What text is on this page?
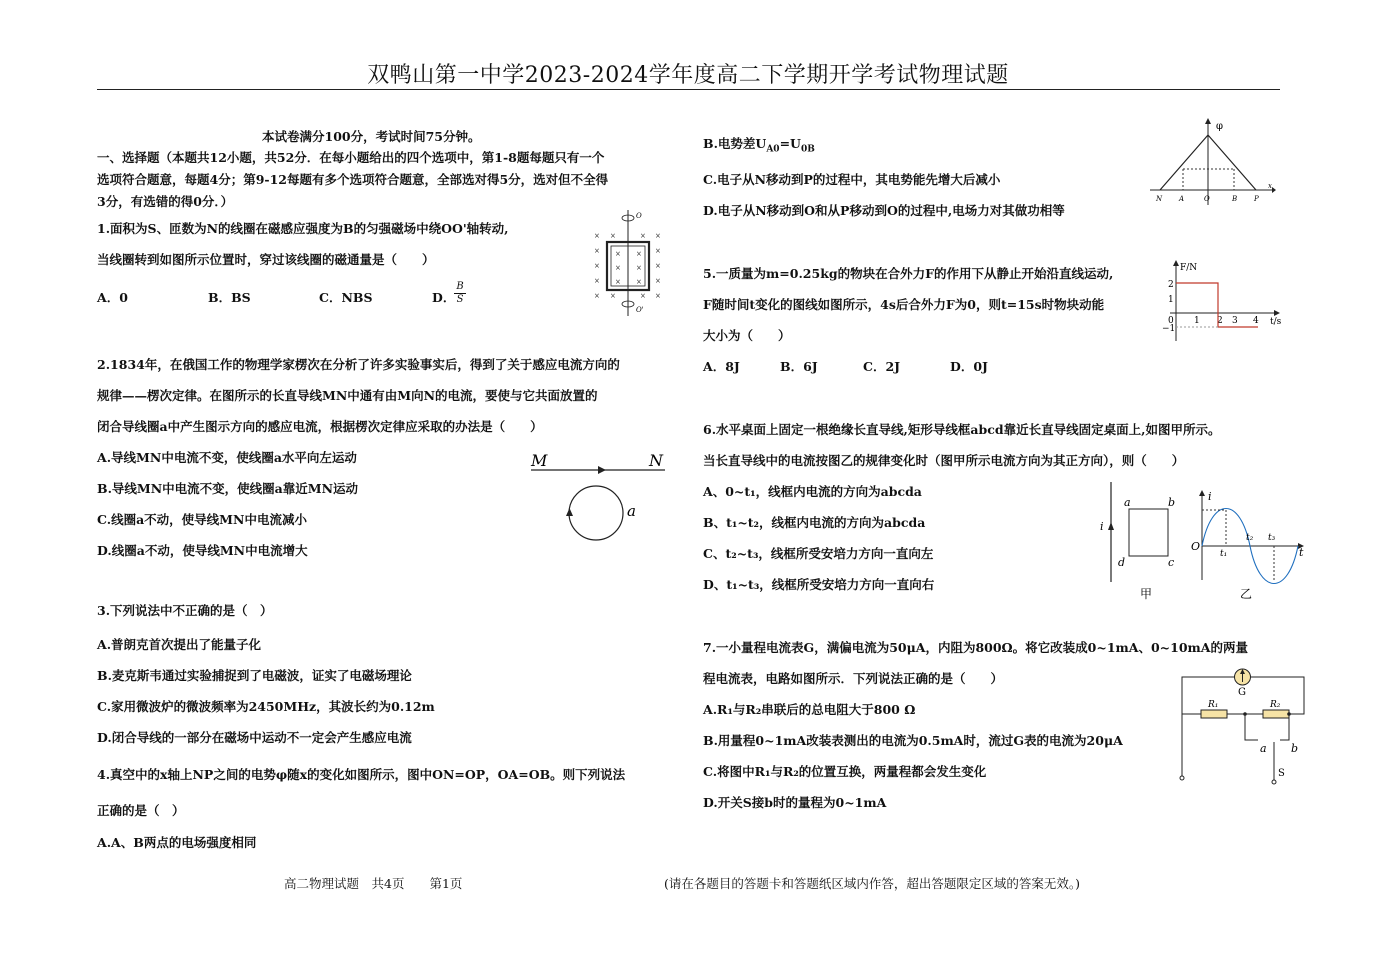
双鸭山第一中学2023-2024学年度高二下学期开学考试物理试题
本试卷满分100分，考试时间75分钟。
一、选择题（本题共12小题，共52分．在每小题给出的四个选项中，第1-8题每题只有一个
选项符合题意，每题4分；第9-12每题有多个选项符合题意，全部选对得5分，选对但不全得
3分，有选错的得0分．）
1.面积为S、匝数为N的线圈在磁感应强度为B的匀强磁场中绕OO'轴转动,
当线圈转到如图所示位置时，穿过该线圈的磁通量是（　　）
A．0	B．BS	C．NBS	D．
$\frac{B}{S}$
O
O'
× ×	× ×
× × × ×
× × × ×
× × × ×
× ×	× ×
2.1834年，在俄国工作的物理学家楞次在分析了许多实验事实后，得到了关于感应电流方向的
规律——楞次定律。在图所示的长直导线MN中通有由M向N的电流，要使与它共面放置的
闭合导线圈a中产生图示方向的感应电流，根据楞次定律应采取的办法是（　　）
A.导线MN中电流不变，使线圈a水平向左运动
B.导线MN中电流不变，使线圈a靠近MN运动
C.线圈a不动，使导线MN中电流减小
D.线圈a不动，使导线MN中电流增大
M	N
a
3.下列说法中不正确的是（　）
A.普朗克首次提出了能量子化
B.麦克斯韦通过实验捕捉到了电磁波，证实了电磁场理论
C.家用微波炉的微波频率为2450MHz，其波长约为0.12m
D.闭合导线的一部分在磁场中运动不一定会产生感应电流
4.真空中的x轴上NP之间的电势φ随x的变化如图所示，图中ON=OP，OA=OB。则下列说法
正确的是（　）
A.A、B两点的电场强度相同
B.电势差$U_{A0}=U_{0B}$
C.电子从N移动到P的过程中，其电势能先增大后减小
D.电子从N移动到O和从P移动到O的过程中,电场力对其做功相等
φ
x
N A	O	B P
5.一质量为m=0.25kg的物块在合外力F的作用下从静止开始沿直线运动,
F随时间t变化的图线如图所示，4s后合外力F为0，则t=15s时物块动能
大小为（　　）
A．8J	B．6J	C．2J	D．0J
F/N
t/s
2
1
0
−1
1 2 3 4
6.水平桌面上固定一根绝缘长直导线,矩形导线框abcd靠近长直导线固定桌面上,如图甲所示。
当长直导线中的电流按图乙的规律变化时（图甲所示电流方向为其正方向），则（　　）
A、0~t₁，线框内电流的方向为abcda
B、t₁~t₂，线框内电流的方向为abcda
C、t₂~t₃，线框所受安培力方向一直向左
D、t₁~t₃，线框所受安培力方向一直向右
i
a	b
c
d
甲
i
t
O
t₁
t₂ t₃
乙
7.一小量程电流表G，满偏电流为50μA，内阻为800Ω。将它改装成0~1mA、0~10mA的两量
程电流表，电路如图所示．下列说法正确的是（　　）
A.R₁与R₂串联后的总电阻大于800 Ω
B.用量程0~1mA改装表测出的电流为0.5mA时，流过G表的电流为20μA
C.将图中R₁与R₂的位置互换，两量程都会发生变化
D.开关S接b时的量程为0~1mA
G
R₁	R₂
a b
S
高二物理试题　共4页　　第1页	(请在各题目的答题卡和答题纸区域内作答，超出答题限定区域的答案无效。)
